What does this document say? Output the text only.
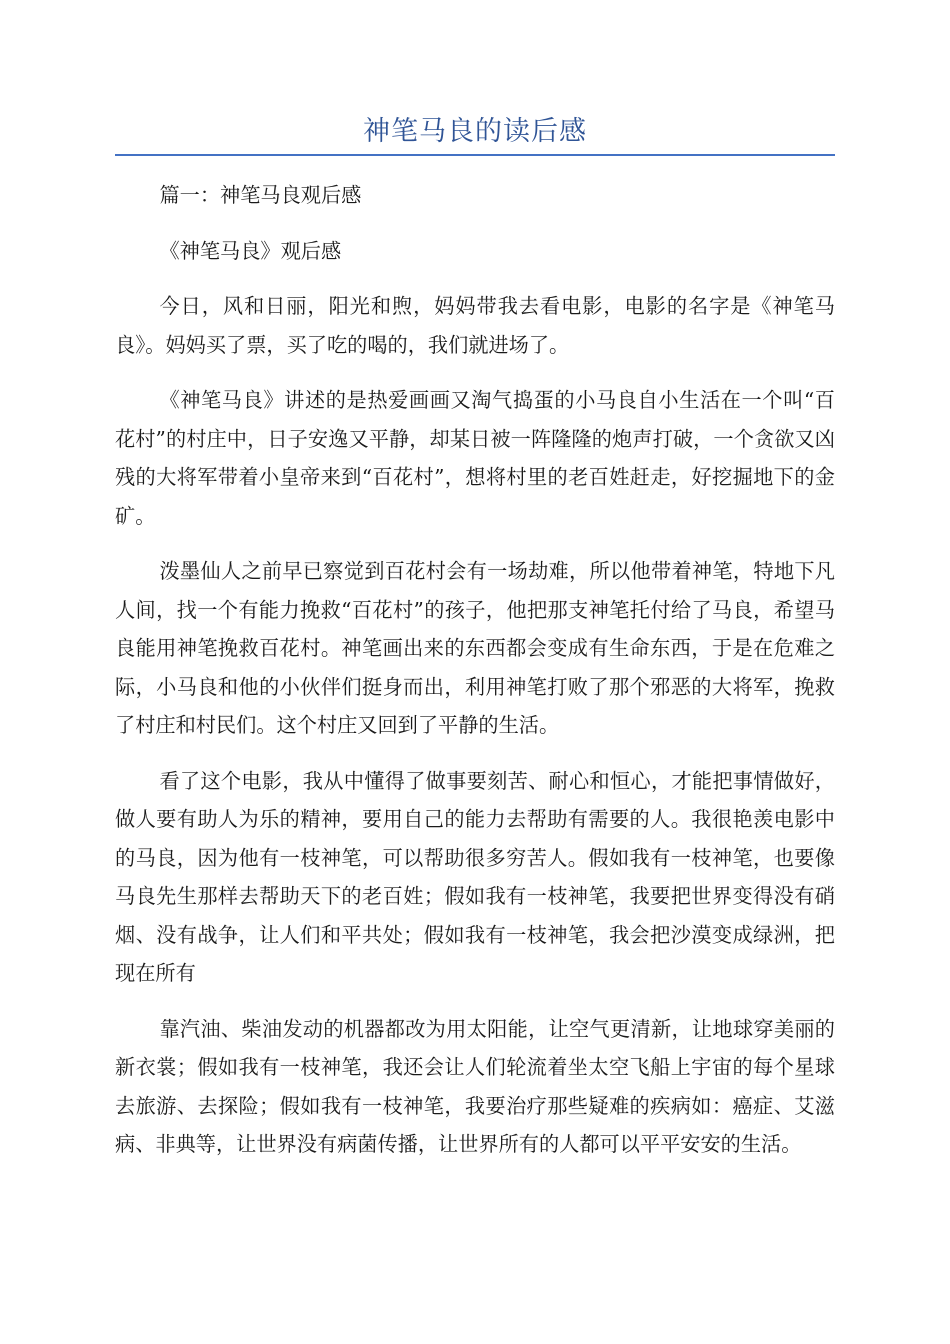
神笔马良的读后感

篇一：神笔马良观后感

《神笔马良》观后感

今日，风和日丽，阳光和煦，妈妈带我去看电影，电影的名字是《神笔马良》。妈妈买了票，买了吃的喝的，我们就进场了。

《神笔马良》讲述的是热爱画画又淘气捣蛋的小马良自小生活在一个叫“百花村”的村庄中，日子安逸又平静，却某日被一阵隆隆的炮声打破，一个贪欲又凶残的大将军带着小皇帝来到“百花村”，想将村里的老百姓赶走，好挖掘地下的金矿。

泼墨仙人之前早已察觉到百花村会有一场劫难，所以他带着神笔，特地下凡人间，找一个有能力挽救“百花村”的孩子，他把那支神笔托付给了马良，希望马良能用神笔挽救百花村。神笔画出来的东西都会变成有生命东西，于是在危难之际，小马良和他的小伙伴们挺身而出，利用神笔打败了那个邪恶的大将军，挽救了村庄和村民们。这个村庄又回到了平静的生活。

看了这个电影，我从中懂得了做事要刻苦、耐心和恒心，才能把事情做好，做人要有助人为乐的精神，要用自己的能力去帮助有需要的人。我很艳羡电影中的马良，因为他有一枝神笔，可以帮助很多穷苦人。假如我有一枝神笔，也要像马良先生那样去帮助天下的老百姓；假如我有一枝神笔，我要把世界变得没有硝烟、没有战争，让人们和平共处；假如我有一枝神笔，我会把沙漠变成绿洲，把现在所有

靠汽油、柴油发动的机器都改为用太阳能，让空气更清新，让地球穿美丽的新衣裳；假如我有一枝神笔，我还会让人们轮流着坐太空飞船上宇宙的每个星球去旅游、去探险；假如我有一枝神笔，我要治疗那些疑难的疾病如：癌症、艾滋病、非典等，让世界没有病菌传播，让世界所有的人都可以平平安安的生活。
